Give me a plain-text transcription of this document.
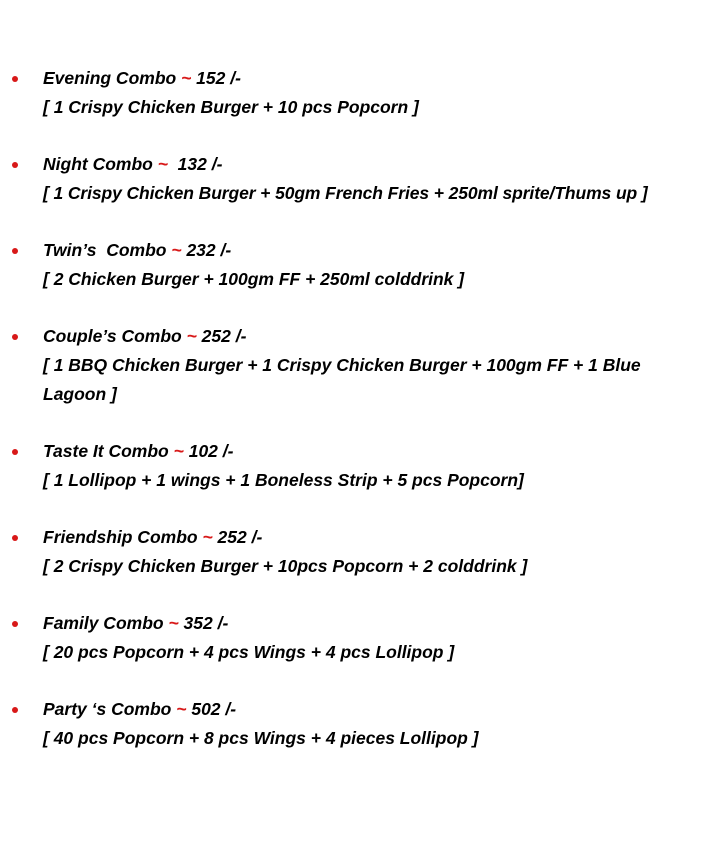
Evening Combo ~ 152 /-
[ 1 Crispy Chicken Burger + 10 pcs Popcorn ]
Night Combo ~  132 /-
[ 1 Crispy Chicken Burger + 50gm French Fries + 250ml sprite/Thums up ]
Twin’s  Combo ~ 232 /-
[ 2 Chicken Burger + 100gm FF + 250ml colddrink ]
Couple’s Combo ~ 252 /-
[ 1 BBQ Chicken Burger + 1 Crispy Chicken Burger + 100gm FF + 1 Blue Lagoon ]
Taste It Combo ~ 102 /-
[ 1 Lollipop + 1 wings + 1 Boneless Strip + 5 pcs Popcorn]
Friendship Combo ~ 252 /-
[ 2 Crispy Chicken Burger + 10pcs Popcorn + 2 colddrink ]
Family Combo ~ 352 /-
[ 20 pcs Popcorn + 4 pcs Wings + 4 pcs Lollipop ]
Party ‘s Combo ~ 502 /-
[ 40 pcs Popcorn + 8 pcs Wings + 4 pieces Lollipop ]
